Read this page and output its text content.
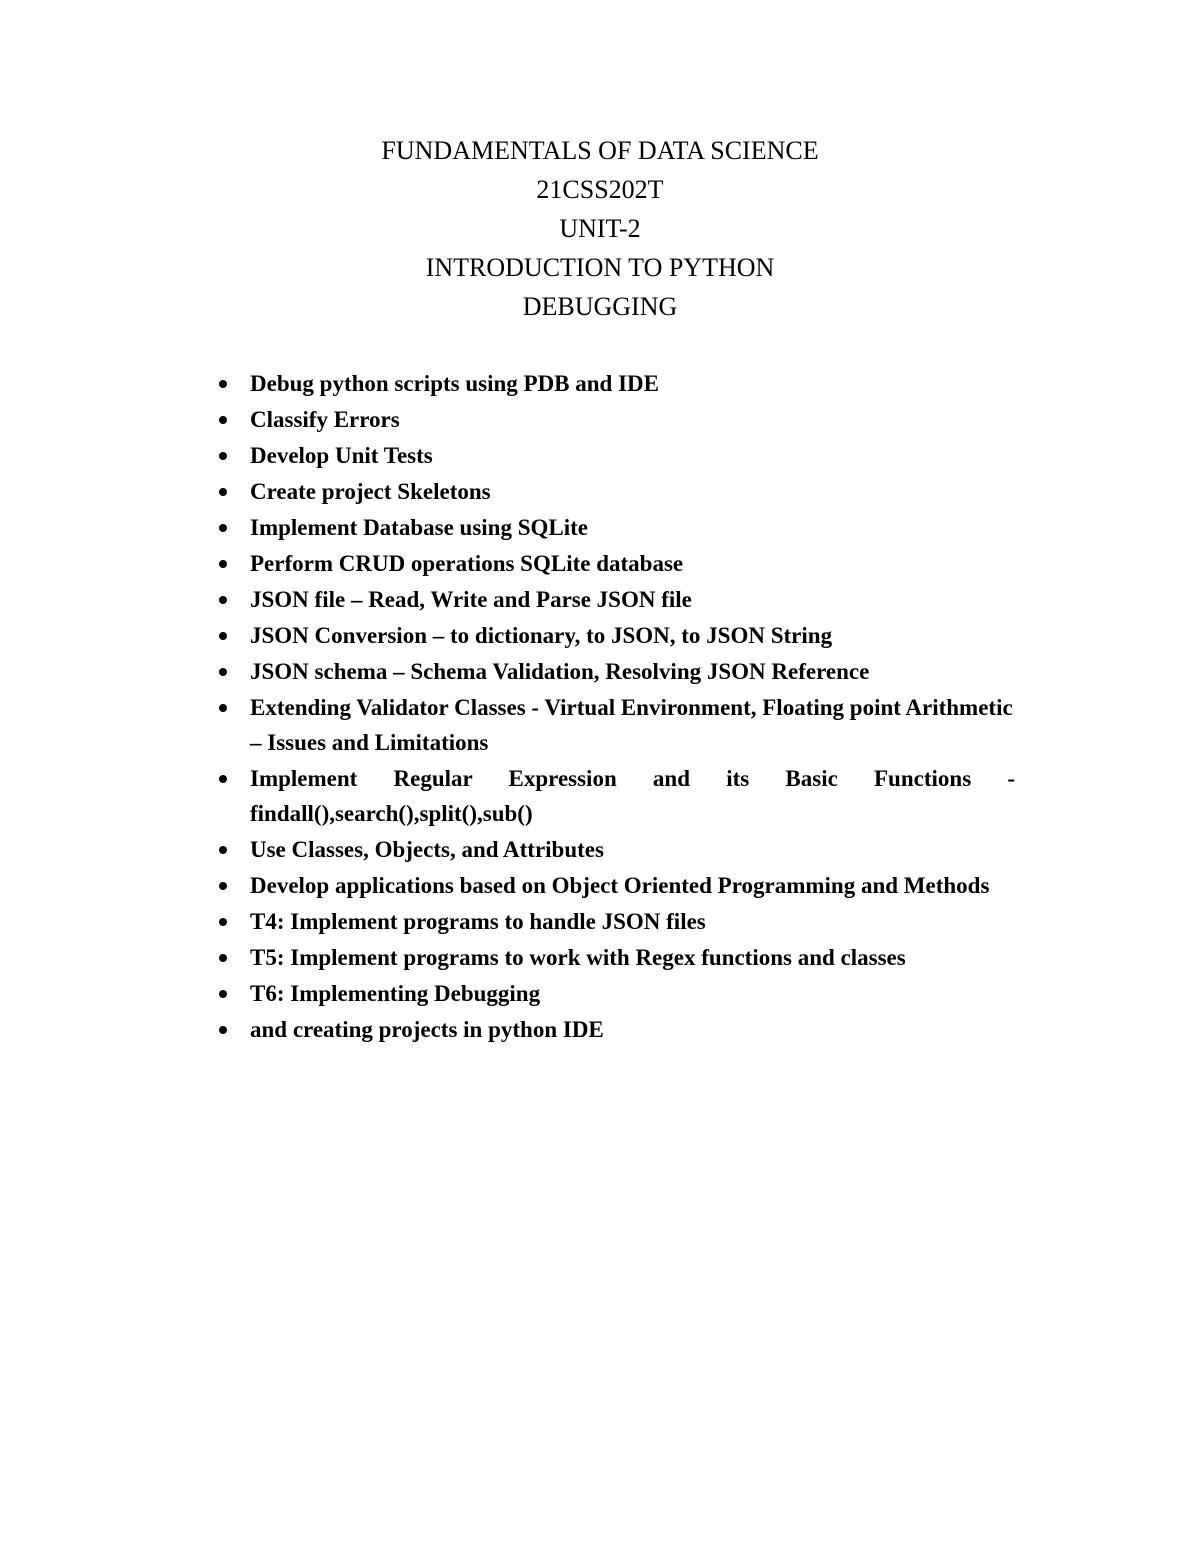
FUNDAMENTALS OF DATA SCIENCE

21CSS202T

UNIT-2

INTRODUCTION TO PYTHON

DEBUGGING

Debug python scripts using PDB and IDE
Classify Errors
Develop Unit Tests
Create project Skeletons
Implement Database using SQLite
Perform CRUD operations SQLite database
JSON file – Read, Write and Parse JSON file
JSON Conversion – to dictionary, to JSON, to JSON String
JSON schema – Schema Validation, Resolving JSON Reference
Extending Validator Classes - Virtual Environment, Floating point Arithmetic – Issues and Limitations
Implement Regular Expression and its Basic Functions -
findall(),search(),split(),sub()
Use Classes, Objects, and Attributes
Develop applications based on Object Oriented Programming and Methods
T4: Implement programs to handle JSON files
T5: Implement programs to work with Regex functions and classes
T6: Implementing Debugging
and creating projects in python IDE
